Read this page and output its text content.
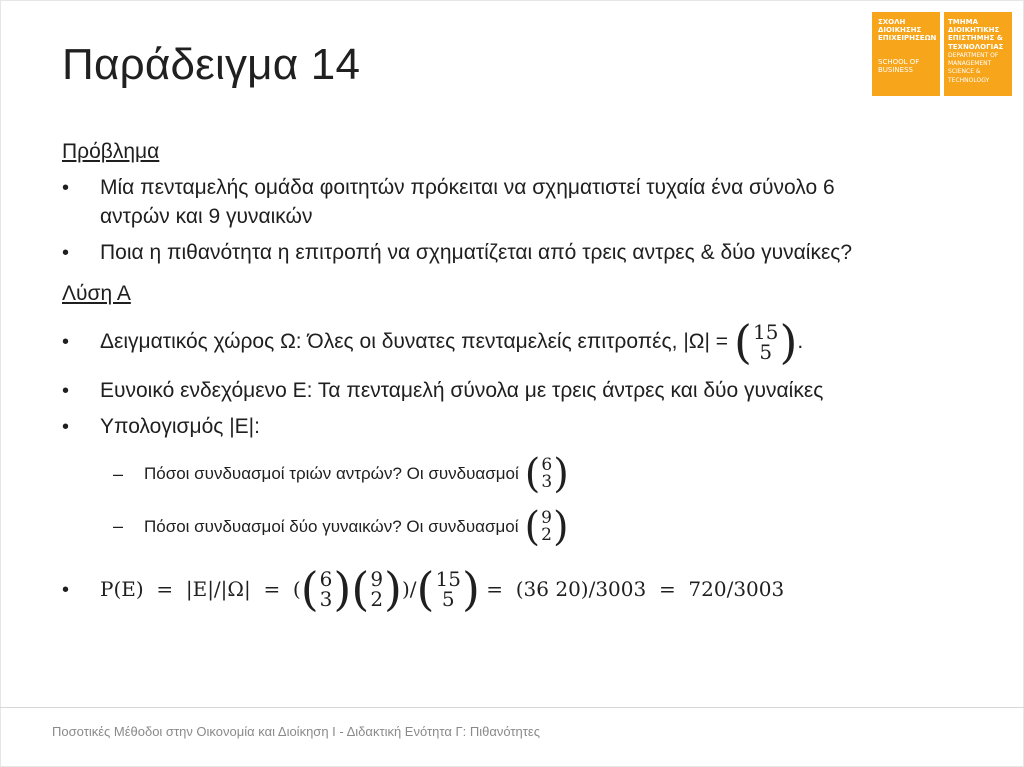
Παράδειγμα 14
ΣΧΟΛΗ
ΔΙΟΙΚΗΣΗΣ
ΕΠΙΧΕΙΡΗΣΕΩΝ
SCHOOL OF
BUSINESS
ΤΜΗΜΑ
ΔΙΟΙΚΗΤΙΚΗΣ
ΕΠΙΣΤΗΜΗΣ &
ΤΕΧΝΟΛΟΓΙΑΣ
DEPARTMENT OF
MANAGEMENT
SCIENCE &
TECHNOLOGY
Πρόβλημα
• Μία πενταμελής ομάδα φοιτητών πρόκειται να σχηματιστεί τυχαία ένα σύνολο 6
αντρών και 9 γυναικών
• Ποια η πιθανότητα η επιτροπή να σχηματίζεται από τρεις αντρες & δύο γυναίκες?
Λύση Α
• Δειγματικός χώρος Ω: Όλες οι δυνατες πενταμελείς επιτροπές, |Ω| = ( 15
5 ) .
• Ευνοικό ενδεχόμενο Ε: Τα πενταμελή σύνολα με τρεις άντρες και δύο γυναίκες
• Υπολογισμός |Ε|:
– Πόσοι συνδυασμοί τριών αντρών? Οι συνδυασμοί ( 6
3 )
– Πόσοι συνδυασμοί δύο γυναικών? Οι συνδυασμοί ( 9
2 )
• P(E)  =  |E|/|Ω|  =  ( ( 6
3 ) ( 9
2 ) )/ ( 15
5 ) =  (36 20)/3003  =  720/3003
Ποσοτικές Μέθοδοι στην Οικονομία και Διοίκηση Ι - Διδακτική Ενότητα Γ: Πιθανότητες
